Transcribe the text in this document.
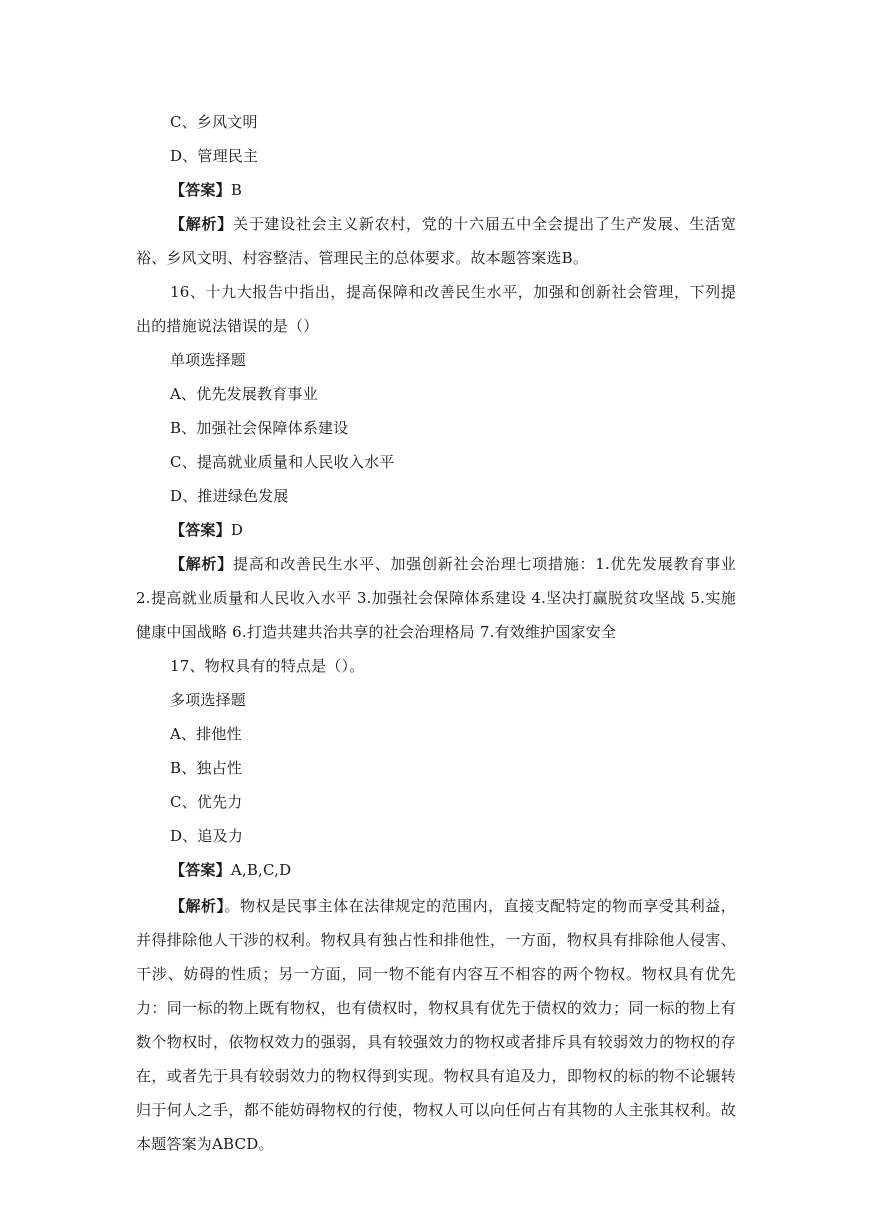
C、乡风文明
D、管理民主
【答案】B
【解析】关于建设社会主义新农村，党的十六届五中全会提出了生产发展、生活宽裕、乡风文明、村容整洁、管理民主的总体要求。故本题答案选B。
16、十九大报告中指出，提高保障和改善民生水平，加强和创新社会管理，下列提出的措施说法错误的是（）
单项选择题
A、优先发展教育事业
B、加强社会保障体系建设
C、提高就业质量和人民收入水平
D、推进绿色发展
【答案】D
【解析】提高和改善民生水平、加强创新社会治理七项措施：1.优先发展教育事业 2.提高就业质量和人民收入水平 3.加强社会保障体系建设 4.坚决打赢脱贫攻坚战 5.实施健康中国战略 6.打造共建共治共享的社会治理格局 7.有效维护国家安全
17、物权具有的特点是（）。
多项选择题
A、排他性
B、独占性
C、优先力
D、追及力
【答案】A,B,C,D
【解析】。物权是民事主体在法律规定的范围内，直接支配特定的物而享受其利益，并得排除他人干涉的权利。物权具有独占性和排他性，一方面，物权具有排除他人侵害、干涉、妨碍的性质；另一方面，同一物不能有内容互不相容的两个物权。物权具有优先力：同一标的物上既有物权，也有债权时，物权具有优先于债权的效力；同一标的物上有数个物权时，依物权效力的强弱，具有较强效力的物权或者排斥具有较弱效力的物权的存在，或者先于具有较弱效力的物权得到实现。物权具有追及力，即物权的标的物不论辗转归于何人之手，都不能妨碍物权的行使，物权人可以向任何占有其物的人主张其权利。故本题答案为ABCD。
